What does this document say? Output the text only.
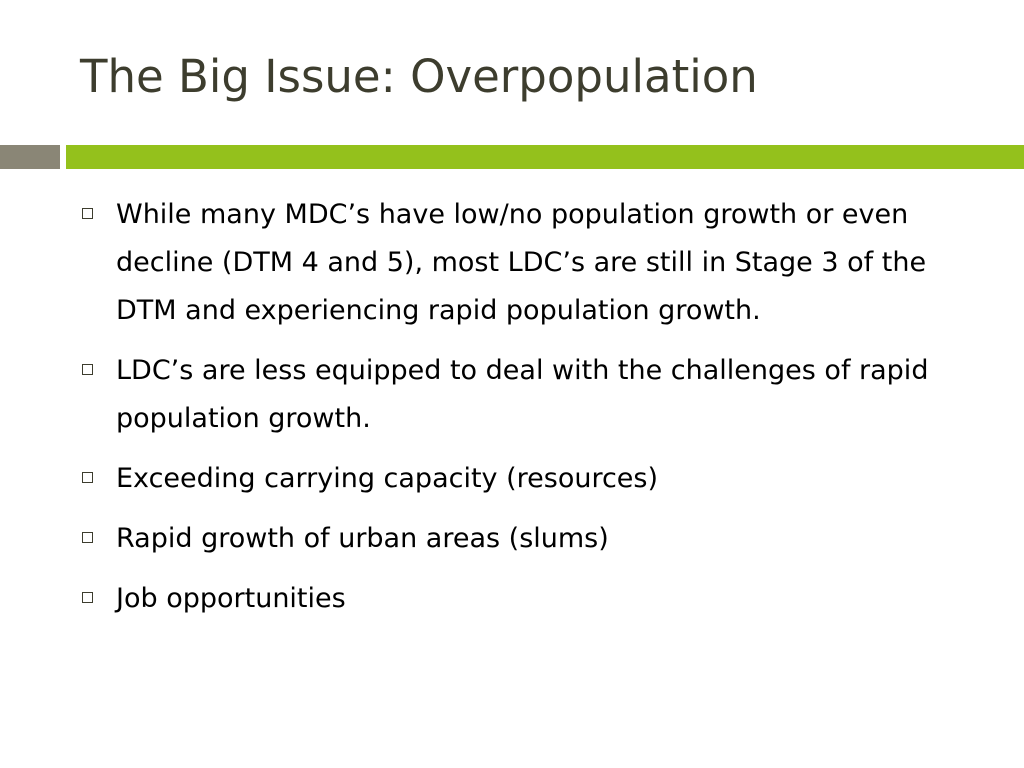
The Big Issue: Overpopulation
While many MDC’s have low/no population growth or even decline (DTM 4 and 5), most LDC’s are still in Stage 3 of the DTM and experiencing rapid population growth.
LDC’s are less equipped to deal with the challenges of rapid population growth.
Exceeding carrying capacity (resources)
Rapid growth of urban areas (slums)
Job opportunities
